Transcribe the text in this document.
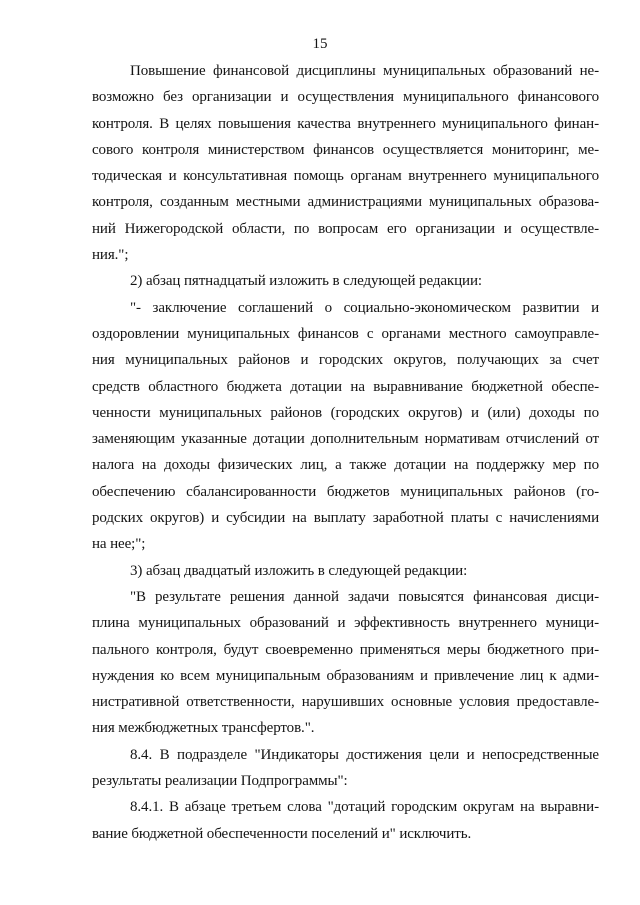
15

Повышение финансовой дисциплины муниципальных образований не-
возможно без организации и осуществления муниципального финансового
контроля. В целях повышения качества внутреннего муниципального финан-
сового контроля министерством финансов осуществляется мониторинг, ме-
тодическая и консультативная помощь органам внутреннего муниципального
контроля, созданным местными администрациями муниципальных образова-
ний Нижегородской области, по вопросам его организации и осуществле-
ния.";

2) абзац пятнадцатый изложить в следующей редакции:

"- заключение соглашений о социально-экономическом развитии и
оздоровлении муниципальных финансов с органами местного самоуправле-
ния муниципальных районов и городских округов, получающих за счет
средств областного бюджета дотации на выравнивание бюджетной обеспе-
ченности муниципальных районов (городских округов) и (или) доходы по
заменяющим указанные дотации дополнительным нормативам отчислений от
налога на доходы физических лиц, а также дотации на поддержку мер по
обеспечению сбалансированности бюджетов муниципальных районов (го-
родских округов) и субсидии на выплату заработной платы с начислениями
на нее;";

3) абзац двадцатый изложить в следующей редакции:

"В результате решения данной задачи повысятся финансовая дисци-
плина муниципальных образований и эффективность внутреннего муници-
пального контроля, будут своевременно применяться меры бюджетного при-
нуждения ко всем муниципальным образованиям и привлечение лиц к адми-
нистративной ответственности, нарушивших основные условия предоставле-
ния межбюджетных трансфертов.".

8.4. В подразделе "Индикаторы достижения цели и непосредственные
результаты реализации Подпрограммы":

8.4.1. В абзаце третьем слова "дотаций городским округам на выравни-
вание бюджетной обеспеченности поселений и" исключить.
